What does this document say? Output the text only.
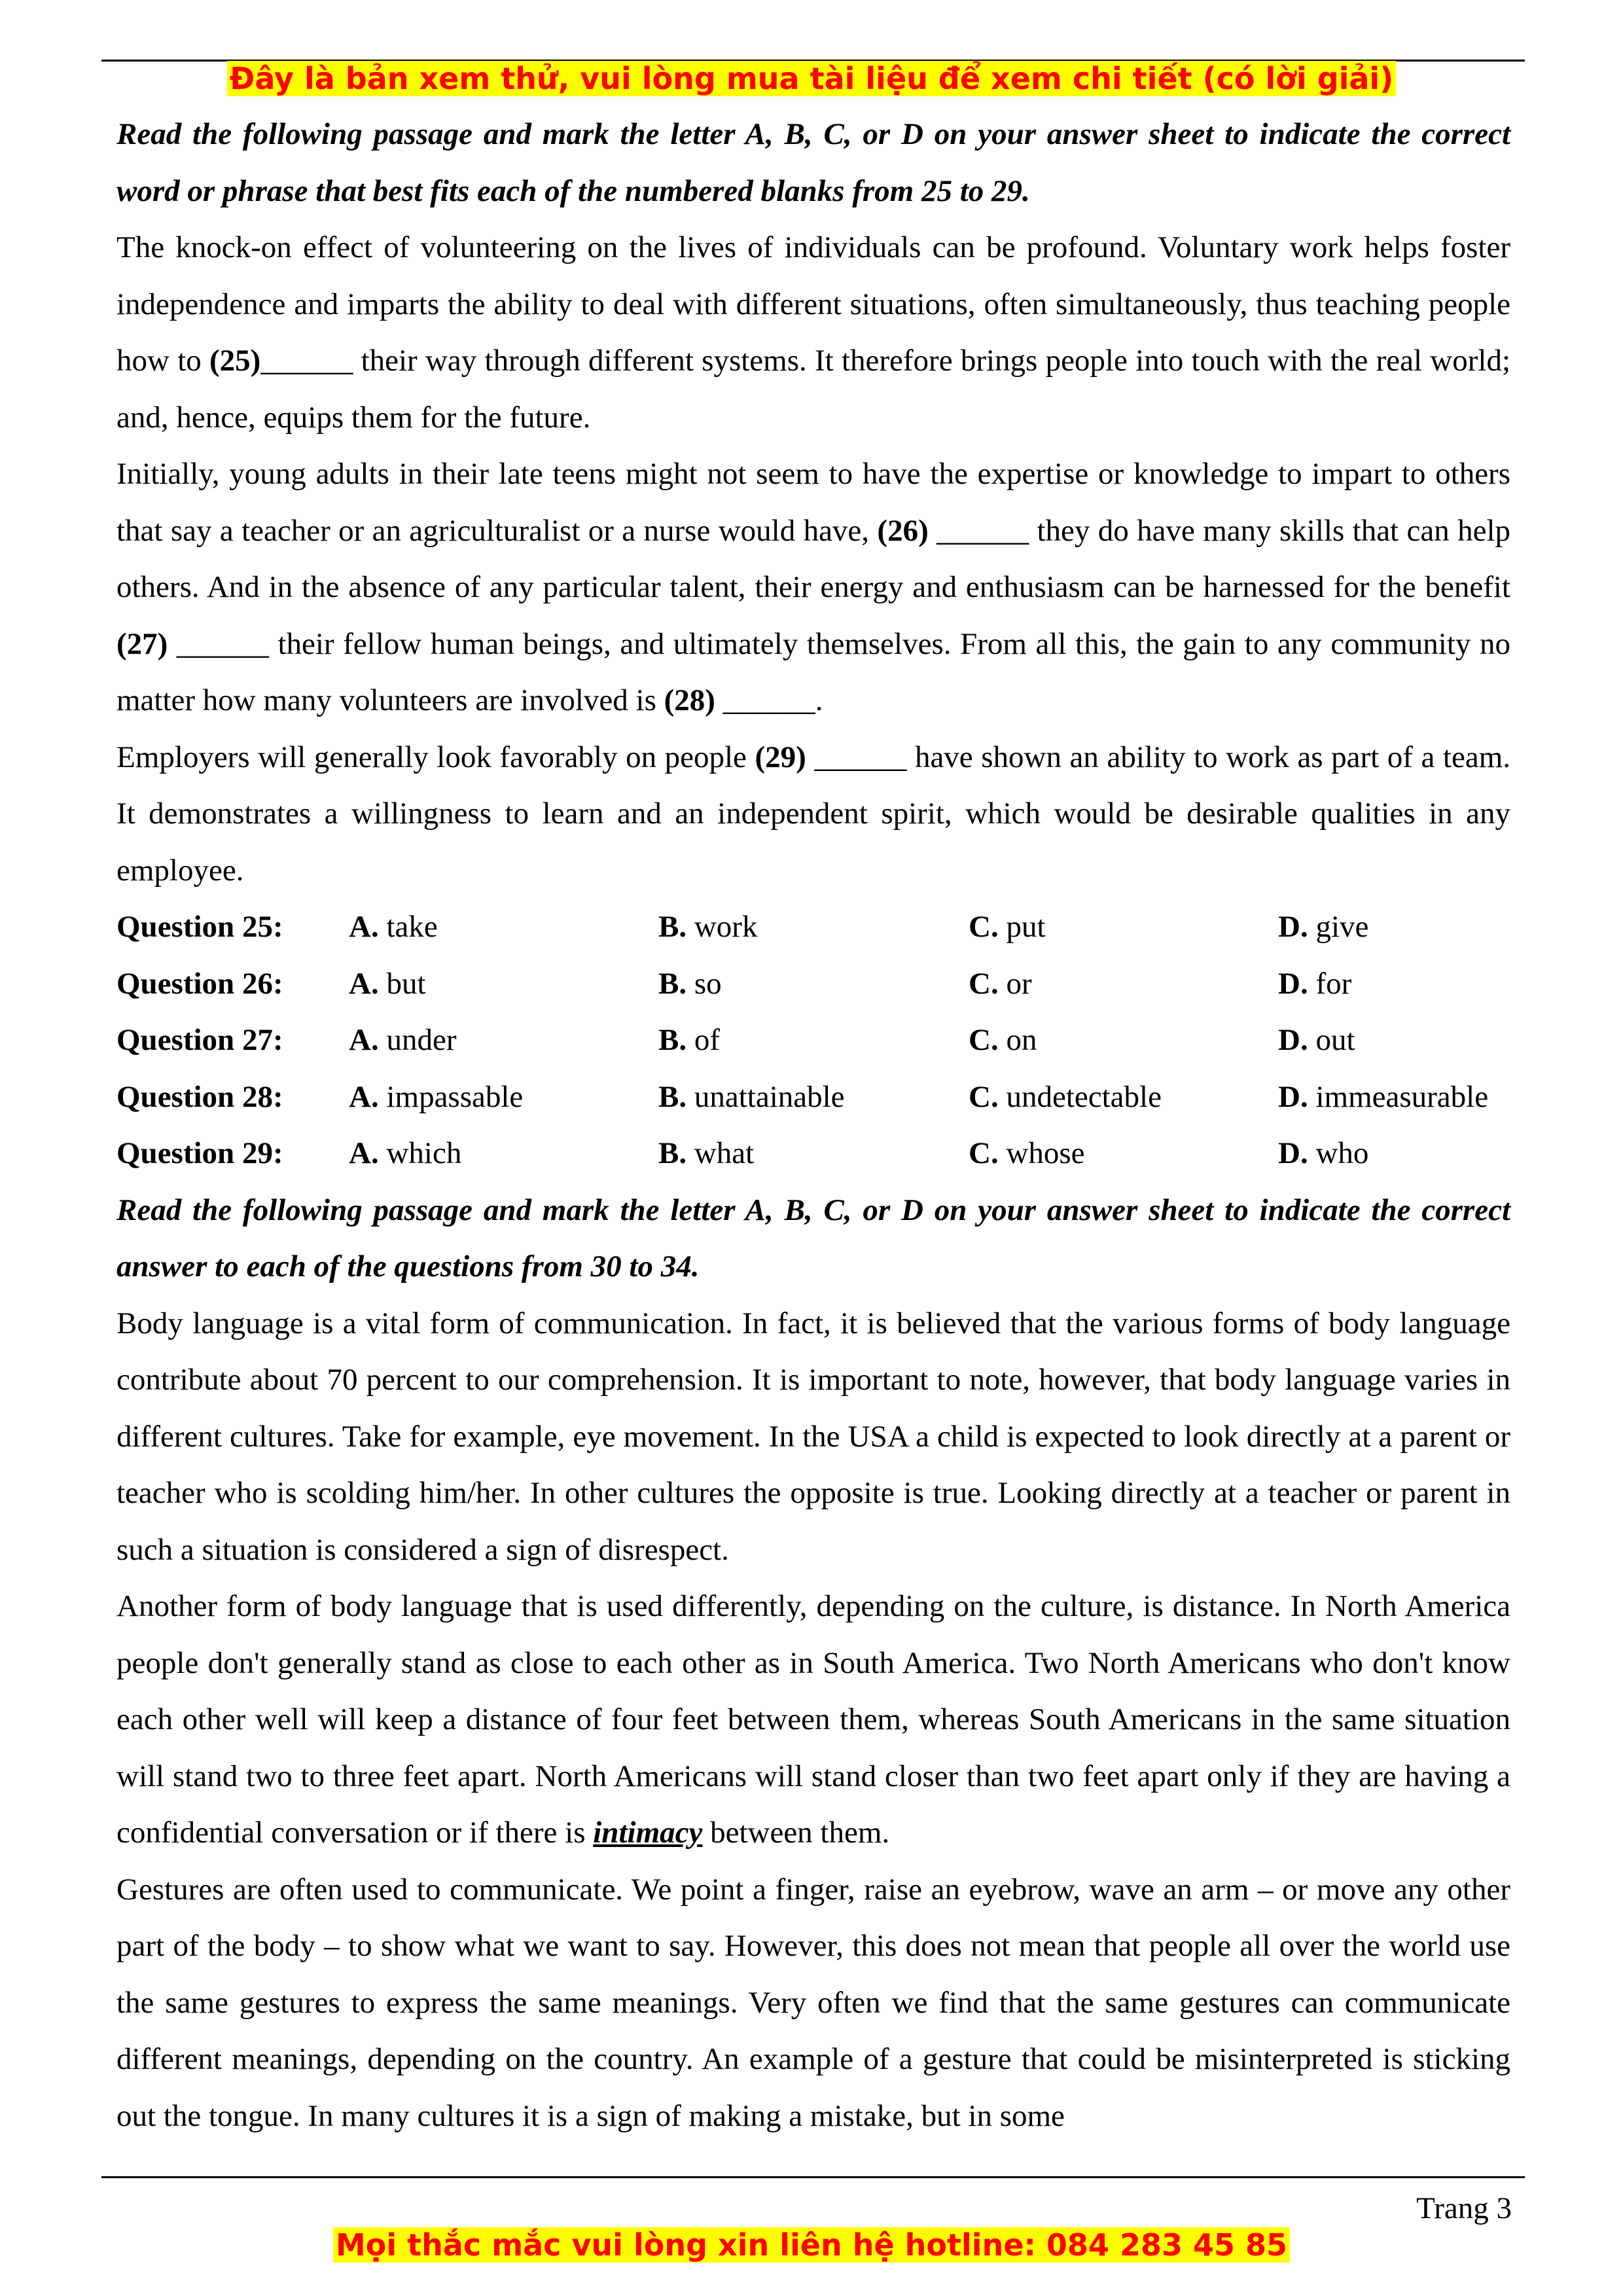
Đây là bản xem thử, vui lòng mua tài liệu để xem chi tiết (có lời giải)

Read the following passage and mark the letter A, B, C, or D on your answer sheet to indicate the correct word or phrase that best fits each of the numbered blanks from 25 to 29.

The knock-on effect of volunteering on the lives of individuals can be profound. Voluntary work helps foster independence and imparts the ability to deal with different situations, often simultaneously, thus teaching people how to (25)______ their way through different systems. It therefore brings people into touch with the real world; and, hence, equips them for the future.

Initially, young adults in their late teens might not seem to have the expertise or knowledge to impart to others that say a teacher or an agriculturalist or a nurse would have, (26) ______ they do have many skills that can help others. And in the absence of any particular talent, their energy and enthusiasm can be harnessed for the benefit (27) ______ their fellow human beings, and ultimately themselves. From all this, the gain to any community no matter how many volunteers are involved is (28) ______.

Employers will generally look favorably on people (29) ______ have shown an ability to work as part of a team. It demonstrates a willingness to learn and an independent spirit, which would be desirable qualities in any employee.

Question 25: A. take	B. work	C. put	D. give
Question 26: A. but	B. so	C. or	D. for
Question 27: A. under	B. of	C. on	D. out
Question 28: A. impassable	B. unattainable	C. undetectable	D. immeasurable
Question 29: A. which	B. what	C. whose	D. who

Read the following passage and mark the letter A, B, C, or D on your answer sheet to indicate the correct answer to each of the questions from 30 to 34.

Body language is a vital form of communication. In fact, it is believed that the various forms of body language contribute about 70 percent to our comprehension. It is important to note, however, that body language varies in different cultures. Take for example, eye movement. In the USA a child is expected to look directly at a parent or teacher who is scolding him/her. In other cultures the opposite is true. Looking directly at a teacher or parent in such a situation is considered a sign of disrespect.

Another form of body language that is used differently, depending on the culture, is distance. In North America people don't generally stand as close to each other as in South America. Two North Americans who don't know each other well will keep a distance of four feet between them, whereas South Americans in the same situation will stand two to three feet apart. North Americans will stand closer than two feet apart only if they are having a confidential conversation or if there is intimacy between them.

Gestures are often used to communicate. We point a finger, raise an eyebrow, wave an arm – or move any other part of the body – to show what we want to say. However, this does not mean that people all over the world use the same gestures to express the same meanings. Very often we find that the same gestures can communicate different meanings, depending on the country. An example of a gesture that could be misinterpreted is sticking out the tongue. In many cultures it is a sign of making a mistake, but in some

Trang 3
Mọi thắc mắc vui lòng xin liên hệ hotline: 084 283 45 85
